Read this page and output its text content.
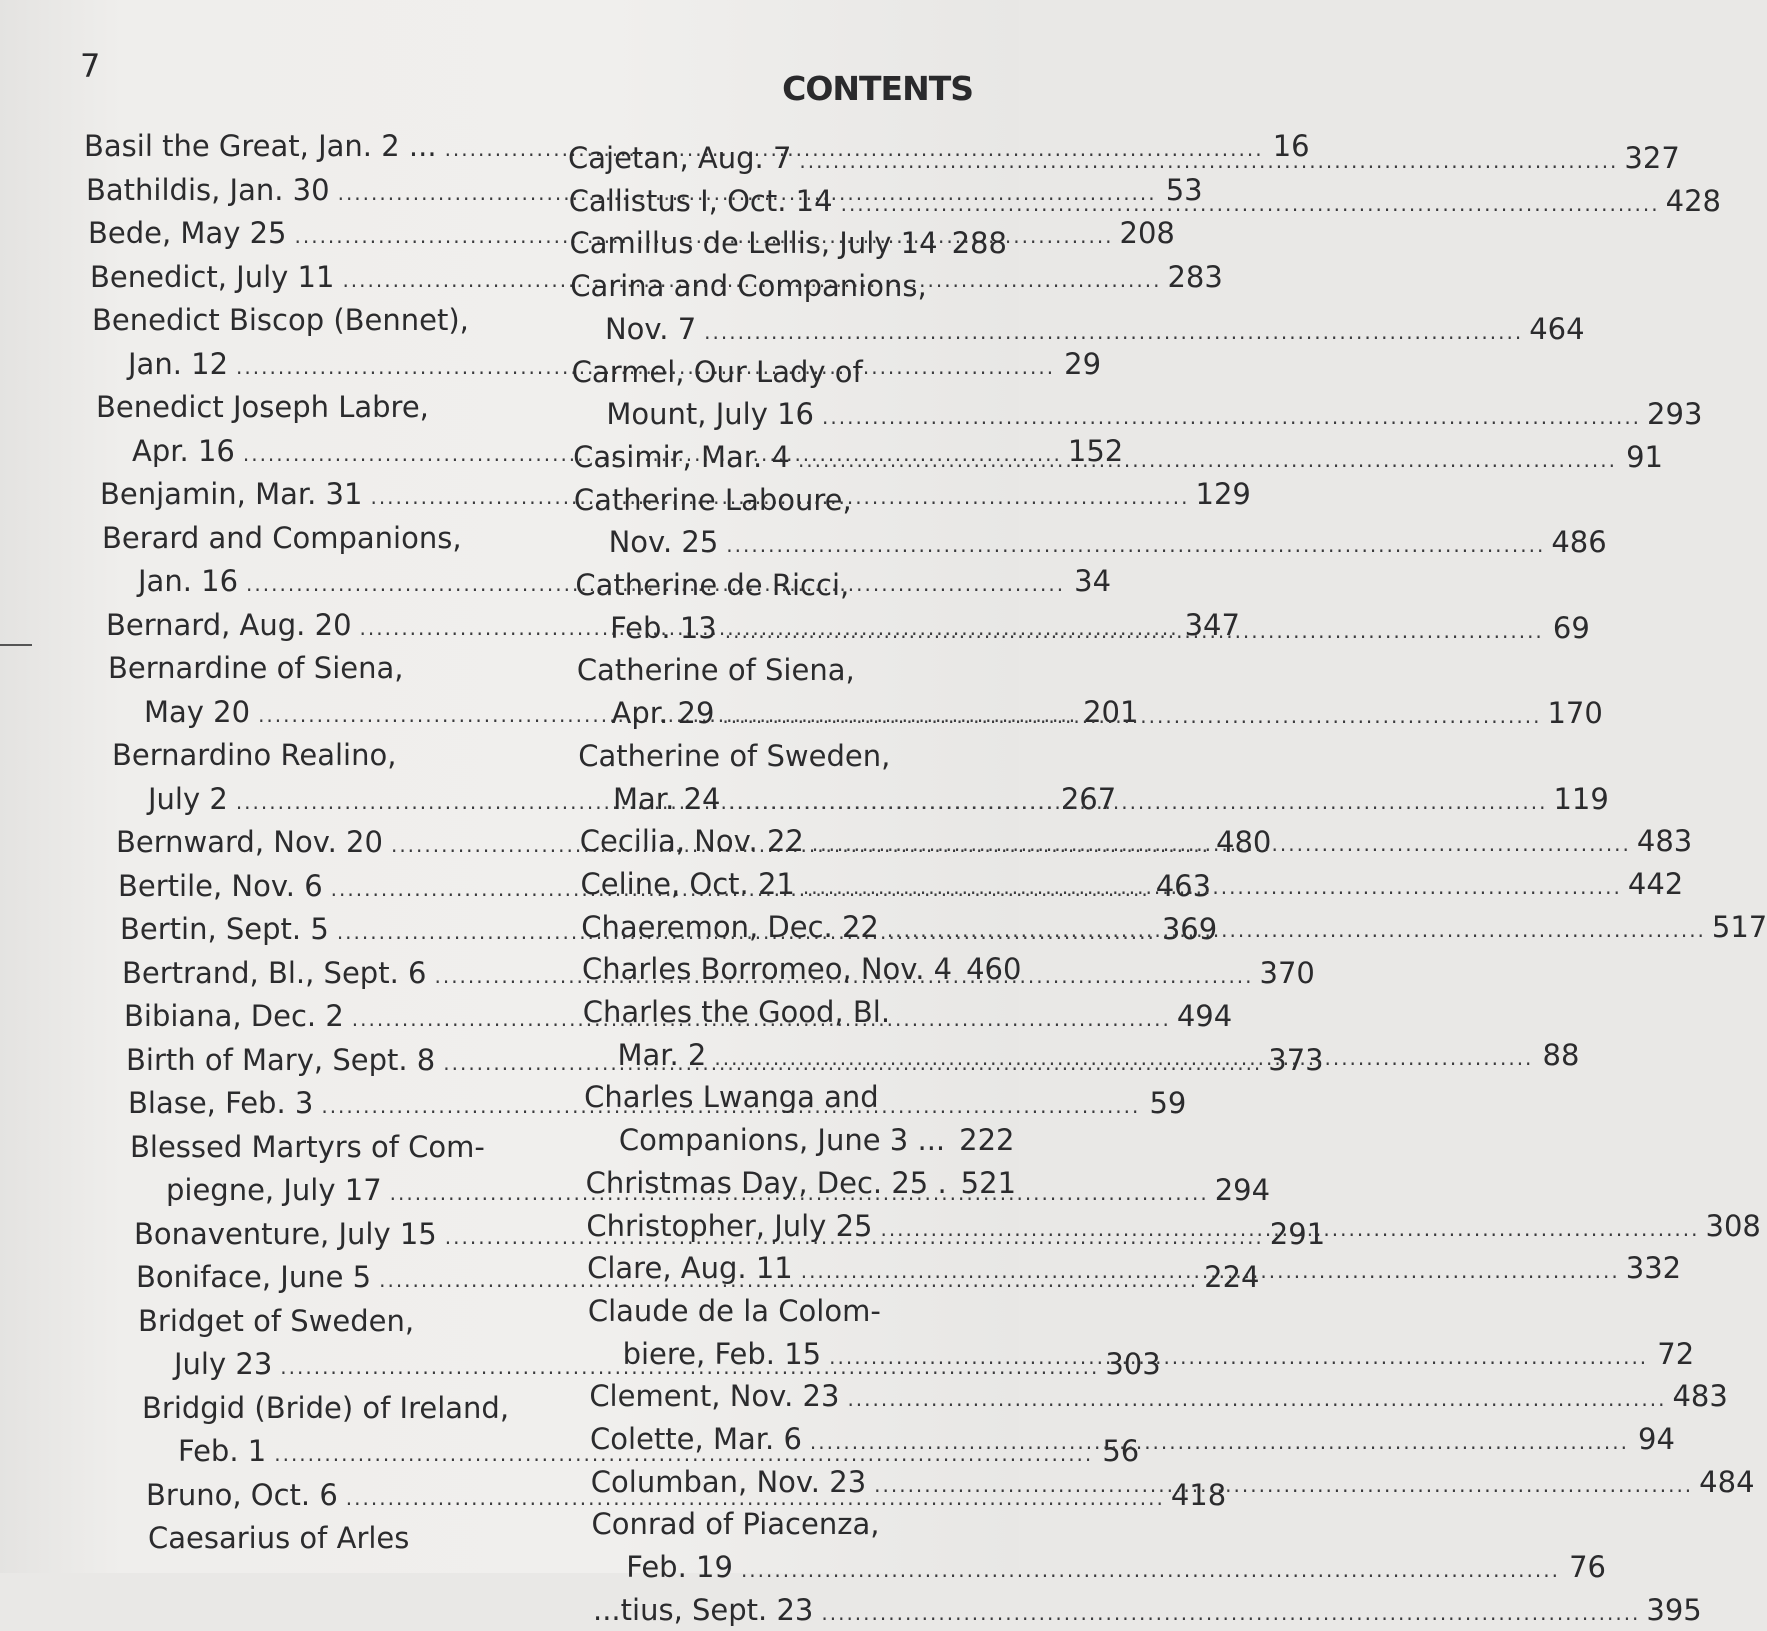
7
CONTENTS
Basil the Great, Jan. 2 ... .....	16
Bathildis, Jan. 30 .....	53
Bede, May 25 .....	208
Benedict, July 11 .....	283
Benedict Biscop (Bennet),
Jan. 12 .....	29
Benedict Joseph Labre,
Apr. 16 .....	152
Benjamin, Mar. 31 .....	129
Berard and Companions,
Jan. 16 .....	34
Bernard, Aug. 20 .....	347
Bernardine of Siena,
May 20 .....	201
Bernardino Realino,
July 2 .....	267
Bernward, Nov. 20 .....	480
Bertile, Nov. 6 .....	463
Bertin, Sept. 5 .....	369
Bertrand, Bl., Sept. 6 .....	370
Bibiana, Dec. 2 .....	494
Birth of Mary, Sept. 8 .....	373
Blase, Feb. 3 .....	59
Blessed Martyrs of Com-
piegne, July 17 .....	294
Bonaventure, July 15 .....	291
Boniface, June 5 .....	224
Bridget of Sweden,
July 23 .....	303
Bridgid (Bride) of Ireland,
Feb. 1 .....	56
Bruno, Oct. 6 .....	418
Caesarius of Arles
Cajetan, Aug. 7 .....	327
Callistus I, Oct. 14 .....	428
Camillus de Lellis, July 14 288
Carina and Companions,
Nov. 7 .....	464
Carmel, Our Lady of
Mount, July 16 .....	293
Casimir, Mar. 4 .....	91
Catherine Laboure,
Nov. 25 .....	486
Catherine de Ricci,
Feb. 13 .....	69
Catherine of Siena,
Apr. 29 .....	170
Catherine of Sweden,
Mar. 24 .....	119
Cecilia, Nov. 22 .....	483
Celine, Oct. 21 .....	442
Chaeremon, Dec. 22 .....	517
Charles Borromeo, Nov. 4 460
Charles the Good, Bl.
Mar. 2 .....	88
Charles Lwanga and
Companions, June 3 ... 222
Christmas Day, Dec. 25 . 521
Christopher, July 25 .....	308
Clare, Aug. 11 .....	332
Claude de la Colom-
biere, Feb. 15 .....	72
Clement, Nov. 23 .....	483
Colette, Mar. 6 .....	94
Columban, Nov. 23 .....	484
Conrad of Piacenza,
Feb. 19 .....	76
...tius, Sept. 23 .....	395
